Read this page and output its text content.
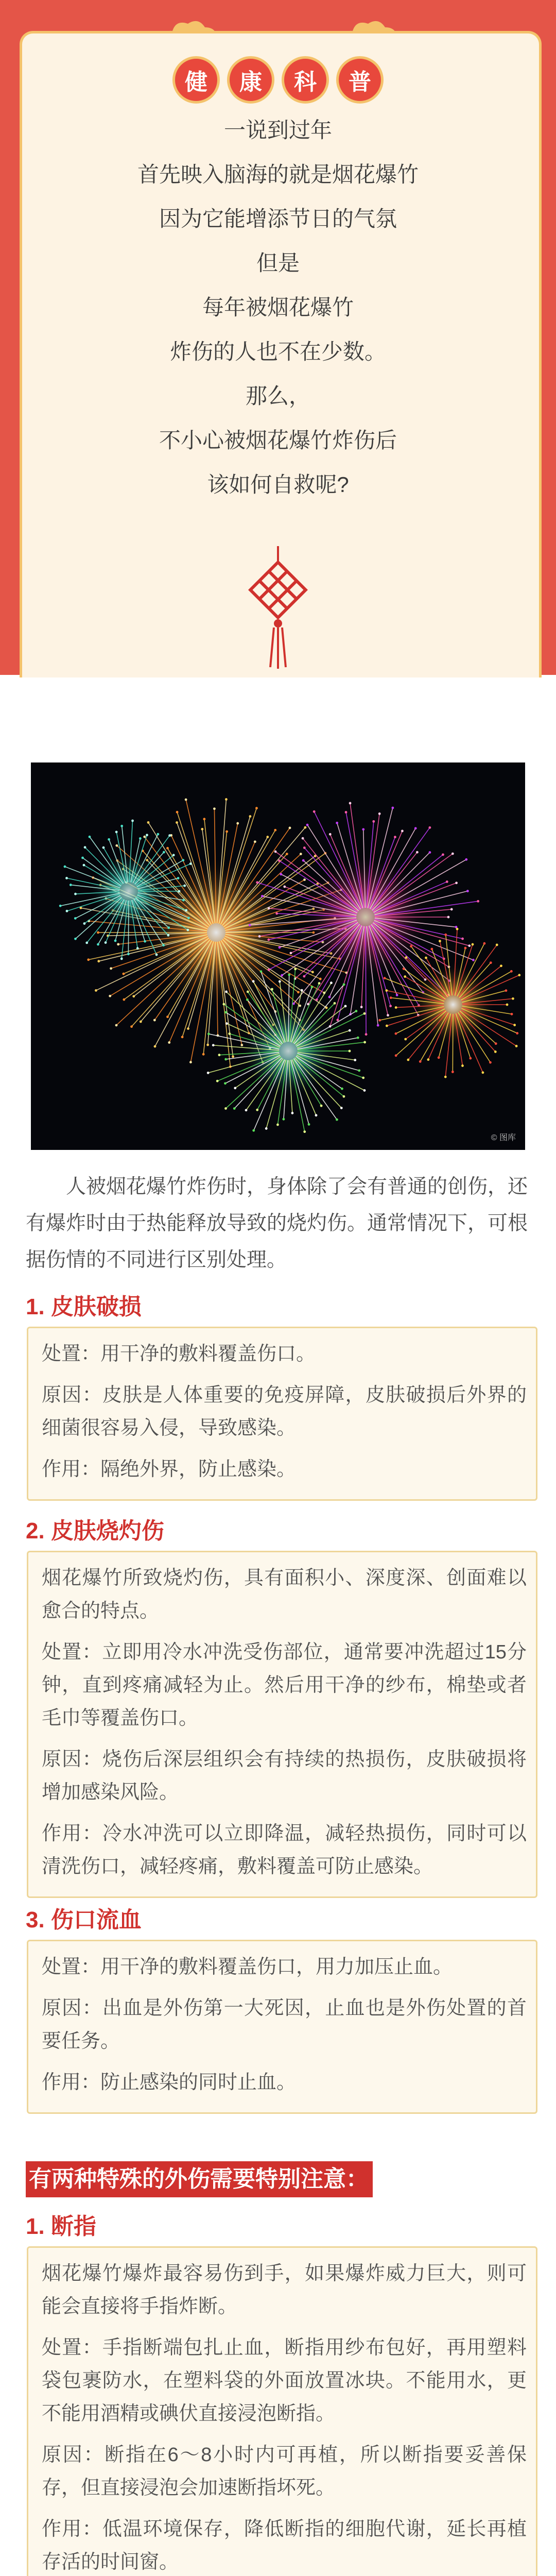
健	康	科	普
一说到过年
首先映入脑海的就是烟花爆竹
因为它能增添节日的气氛
但是
每年被烟花爆竹
炸伤的人也不在少数。
那么，
不小心被烟花爆竹炸伤后
该如何自救呢?
© 图库

人被烟花爆竹炸伤时，身体除了会有普通的创伤，还有爆炸时由于热能释放导致的烧灼伤。通常情况下，可根据伤情的不同进行区别处理。

1. 皮肤破损

处置：用干净的敷料覆盖伤口。

原因：皮肤是人体重要的免疫屏障，皮肤破损后外界的细菌很容易入侵，导致感染。

作用：隔绝外界，防止感染。

2. 皮肤烧灼伤

烟花爆竹所致烧灼伤，具有面积小、深度深、创面难以愈合的特点。

处置：立即用冷水冲洗受伤部位，通常要冲洗超过15分钟，直到疼痛减轻为止。然后用干净的纱布，棉垫或者毛巾等覆盖伤口。

原因：烧伤后深层组织会有持续的热损伤，皮肤破损将增加感染风险。

作用：冷水冲洗可以立即降温，减轻热损伤，同时可以清洗伤口，减轻疼痛，敷料覆盖可防止感染。

3. 伤口流血

处置：用干净的敷料覆盖伤口，用力加压止血。

原因：出血是外伤第一大死因，止血也是外伤处置的首要任务。

作用：防止感染的同时止血。

有两种特殊的外伤需要特别注意：
1. 断指

烟花爆竹爆炸最容易伤到手，如果爆炸威力巨大，则可能会直接将手指炸断。

处置：手指断端包扎止血，断指用纱布包好，再用塑料袋包裹防水，在塑料袋的外面放置冰块。不能用水，更不能用酒精或碘伏直接浸泡断指。

原因：断指在6～8小时内可再植，所以断指要妥善保存，但直接浸泡会加速断指坏死。

作用：低温环境保存，降低断指的细胞代谢，延长再植存活的时间窗。
